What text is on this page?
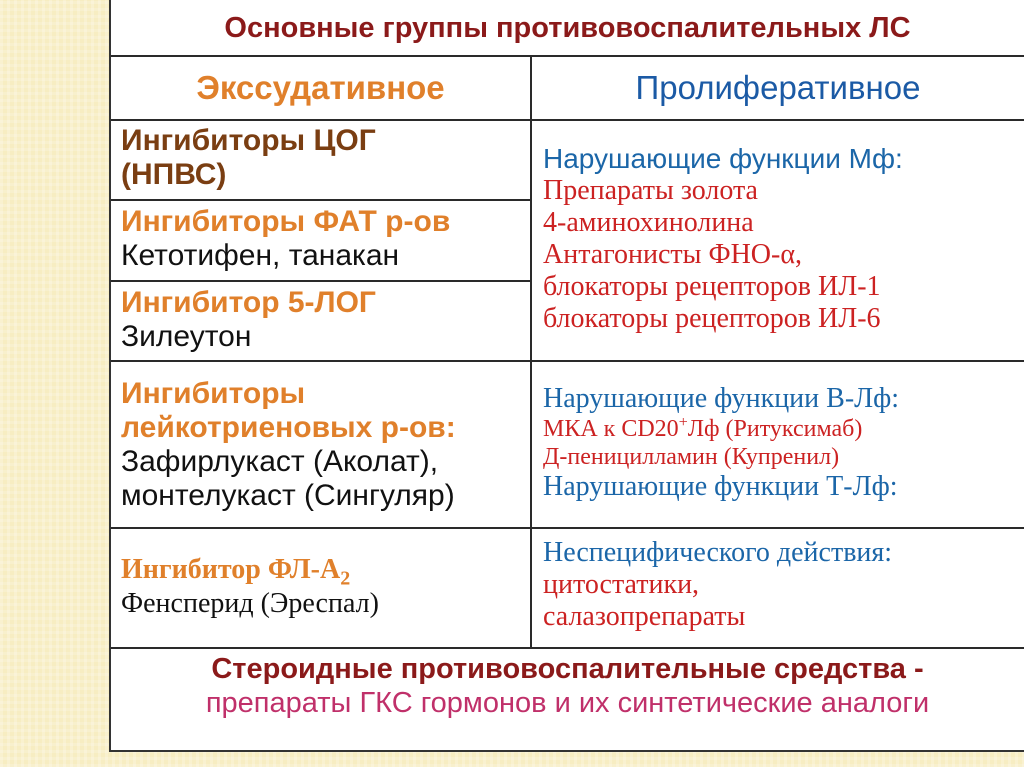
Основные группы противовоспалительных ЛС
Экссудативное	Пролиферативное
Ингибиторы ЦОГ
(НПВС)
Ингибиторы ФАТ р-ов
Кетотифен, танакан
Ингибитор 5-ЛОГ
Зилеутон
Ингибиторы
лейкотриеновых р-ов:
Зафирлукаст (Аколат),
монтелукаст (Сингуляр)
Ингибитор $ФЛ-А_2$
Фенсперид (Эреспал)
Нарушающие функции Мф:
Препараты золота
4-аминохинолина
Антагонисты ФНО-α,
блокаторы рецепторов ИЛ-1
блокаторы рецепторов ИЛ-6
Нарушающие функции В-Лф:
МКА к CD20+Лф (Ритуксимаб)
Д-пеницилламин (Купренил)
Нарушающие функции Т-Лф:
Неспецифического действия:
цитостатики,
салазопрепараты
Стероидные противовоспалительные средства -
препараты ГКС гормонов и их синтетические аналоги
